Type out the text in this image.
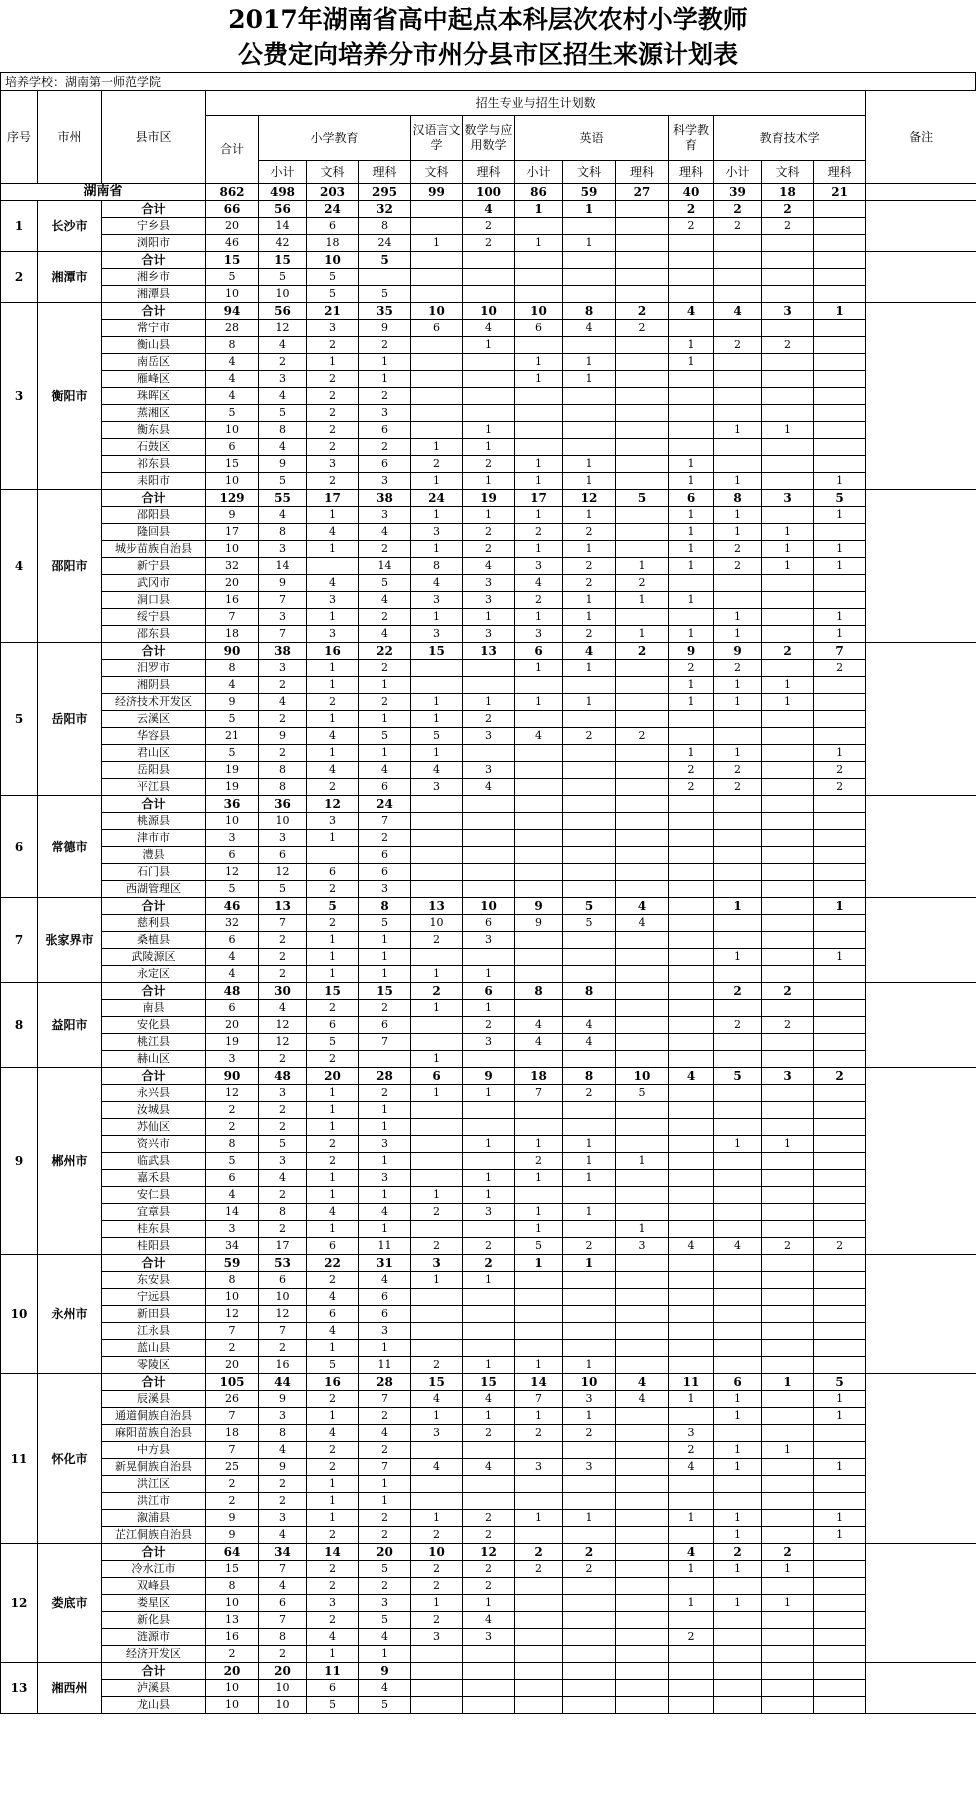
2017年湖南省高中起点本科层次农村小学教师
公费定向培养分市州分县市区招生来源计划表
培养学校：湖南第一师范学院
序号	市州	县市区	招生专业与招生计划数													备注
			合计	小学教育			汉语言文学	数学与应用数学	英语			科学教育	教育技术学			
				小计	文科	理科	文科	理科	小计	文科	理科	理科	小计	文科	理科	
湖南省			862	498	203	295	99	100	86	59	27	40	39	18	21	
1	长沙市	合计	66	56	24	32		4	1	1		2	2	2		
		宁乡县	20	14	6	8		2				2	2	2		
		浏阳市	46	42	18	24	1	2	1	1						
2	湘潭市	合计	15	15	10	5										
		湘乡市	5	5	5											
		湘潭县	10	10	5	5										
3	衡阳市	合计	94	56	21	35	10	10	10	8	2	4	4	3	1	
		常宁市	28	12	3	9	6	4	6	4	2					
		衡山县	8	4	2	2		1				1	2	2		
		南岳区	4	2	1	1			1	1		1				
		雁峰区	4	3	2	1			1	1						
		珠晖区	4	4	2	2										
		蒸湘区	5	5	2	3										
		衡东县	10	8	2	6		1					1	1		
		石鼓区	6	4	2	2	1	1								
		祁东县	15	9	3	6	2	2	1	1		1				
		耒阳市	10	5	2	3	1	1	1	1		1	1		1	
4	邵阳市	合计	129	55	17	38	24	19	17	12	5	6	8	3	5	
		邵阳县	9	4	1	3	1	1	1	1		1	1		1	
		隆回县	17	8	4	4	3	2	2	2		1	1	1		
		城步苗族自治县	10	3	1	2	1	2	1	1		1	2	1	1	
		新宁县	32	14		14	8	4	3	2	1	1	2	1	1	
		武冈市	20	9	4	5	4	3	4	2	2					
		洞口县	16	7	3	4	3	3	2	1	1	1				
		绥宁县	7	3	1	2	1	1	1	1			1		1	
		邵东县	18	7	3	4	3	3	3	2	1	1	1		1	
5	岳阳市	合计	90	38	16	22	15	13	6	4	2	9	9	2	7	
		汨罗市	8	3	1	2			1	1		2	2		2	
		湘阴县	4	2	1	1						1	1	1		
		经济技术开发区	9	4	2	2	1	1	1	1		1	1	1		
		云溪区	5	2	1	1	1	2								
		华容县	21	9	4	5	5	3	4	2	2					
		君山区	5	2	1	1	1					1	1		1	
		岳阳县	19	8	4	4	4	3				2	2		2	
		平江县	19	8	2	6	3	4				2	2		2	
6	常德市	合计	36	36	12	24										
		桃源县	10	10	3	7										
		津市市	3	3	1	2										
		澧县	6	6		6										
		石门县	12	12	6	6										
		西湖管理区	5	5	2	3										
7	张家界市	合计	46	13	5	8	13	10	9	5	4		1		1	
		慈利县	32	7	2	5	10	6	9	5	4					
		桑植县	6	2	1	1	2	3								
		武陵源区	4	2	1	1							1		1	
		永定区	4	2	1	1	1	1								
8	益阳市	合计	48	30	15	15	2	6	8	8			2	2		
		南县	6	4	2	2	1	1								
		安化县	20	12	6	6		2	4	4			2	2		
		桃江县	19	12	5	7		3	4	4						
		赫山区	3	2	2		1									
9	郴州市	合计	90	48	20	28	6	9	18	8	10	4	5	3	2	
		永兴县	12	3	1	2	1	1	7	2	5					
		汝城县	2	2	1	1										
		苏仙区	2	2	1	1										
		资兴市	8	5	2	3		1	1	1			1	1		
		临武县	5	3	2	1			2	1	1					
		嘉禾县	6	4	1	3		1	1	1						
		安仁县	4	2	1	1	1	1								
		宜章县	14	8	4	4	2	3	1	1						
		桂东县	3	2	1	1			1		1					
		桂阳县	34	17	6	11	2	2	5	2	3	4	4	2	2	
10	永州市	合计	59	53	22	31	3	2	1	1						
		东安县	8	6	2	4	1	1								
		宁远县	10	10	4	6										
		新田县	12	12	6	6										
		江永县	7	7	4	3										
		蓝山县	2	2	1	1										
		零陵区	20	16	5	11	2	1	1	1						
11	怀化市	合计	105	44	16	28	15	15	14	10	4	11	6	1	5	
		辰溪县	26	9	2	7	4	4	7	3	4	1	1		1	
		通道侗族自治县	7	3	1	2	1	1	1	1			1		1	
		麻阳苗族自治县	18	8	4	4	3	2	2	2		3				
		中方县	7	4	2	2						2	1	1		
		新晃侗族自治县	25	9	2	7	4	4	3	3		4	1		1	
		洪江区	2	2	1	1										
		洪江市	2	2	1	1										
		溆浦县	9	3	1	2	1	2	1	1		1	1		1	
		芷江侗族自治县	9	4	2	2	2	2					1		1	
12	娄底市	合计	64	34	14	20	10	12	2	2		4	2	2		
		冷水江市	15	7	2	5	2	2	2	2		1	1	1		
		双峰县	8	4	2	2	2	2								
		娄星区	10	6	3	3	1	1				1	1	1		
		新化县	13	7	2	5	2	4								
		涟源市	16	8	4	4	3	3				2				
		经济开发区	2	2	1	1										
13	湘西州	合计	20	20	11	9										
		泸溪县	10	10	6	4										
		龙山县	10	10	5	5										
